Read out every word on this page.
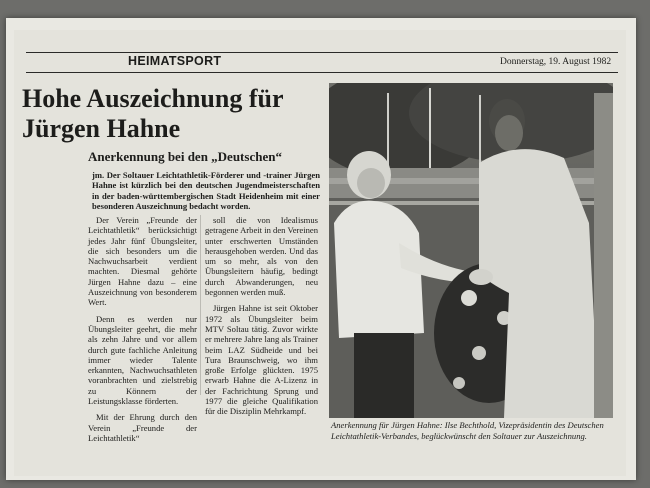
HEIMATSPORT	Donnerstag, 19. August 1982
Hohe Auszeichnung für Jürgen Hahne
Anerkennung bei den „Deutschen“
jm. Der Soltauer Leichtathletik-Förderer und -trainer Jürgen Hahne ist kürzlich bei den deutschen Jugendmeisterschaften in der baden-württembergischen Stadt Heidenheim mit einer besonderen Auszeichnung bedacht worden.

Der Verein „Freunde der Leichtathletik“ berücksichtigt jedes Jahr fünf Übungsleiter, die sich besonders um die Nachwuchsarbeit verdient machten. Diesmal gehörte Jürgen Hahne dazu – eine Auszeichnung von besonderem Wert.

Denn es werden nur Übungsleiter geehrt, die mehr als zehn Jahre und vor allem durch gute fachliche Anleitung immer wieder Talente erkannten, Nachwuchsathleten voranbrachten und zielstrebig zu Könnern der Leistungsklasse förderten.

Mit der Ehrung durch den Verein „Freunde der Leichtathletik“

soll die von Idealismus getragene Arbeit in den Vereinen unter erschwerten Umständen herausgehoben werden. Und das um so mehr, als von den Übungsleitern häufig, bedingt durch Abwanderungen, neu begonnen werden muß.

Jürgen Hahne ist seit Oktober 1972 als Übungsleiter beim MTV Soltau tätig. Zuvor wirkte er mehrere Jahre lang als Trainer beim LAZ Südheide und bei Tura Braunschweig, wo ihm große Erfolge glückten. 1975 erwarb Hahne die A-Lizenz in der Fachrichtung Sprung und 1977 die gleiche Qualifikation für die Disziplin Mehrkampf.

Anerkennung für Jürgen Hahne: Ilse Bechthold, Vizepräsidentin des Deutschen Leichtathletik-Verbandes, beglückwünscht den Soltauer zur Auszeichnung.
